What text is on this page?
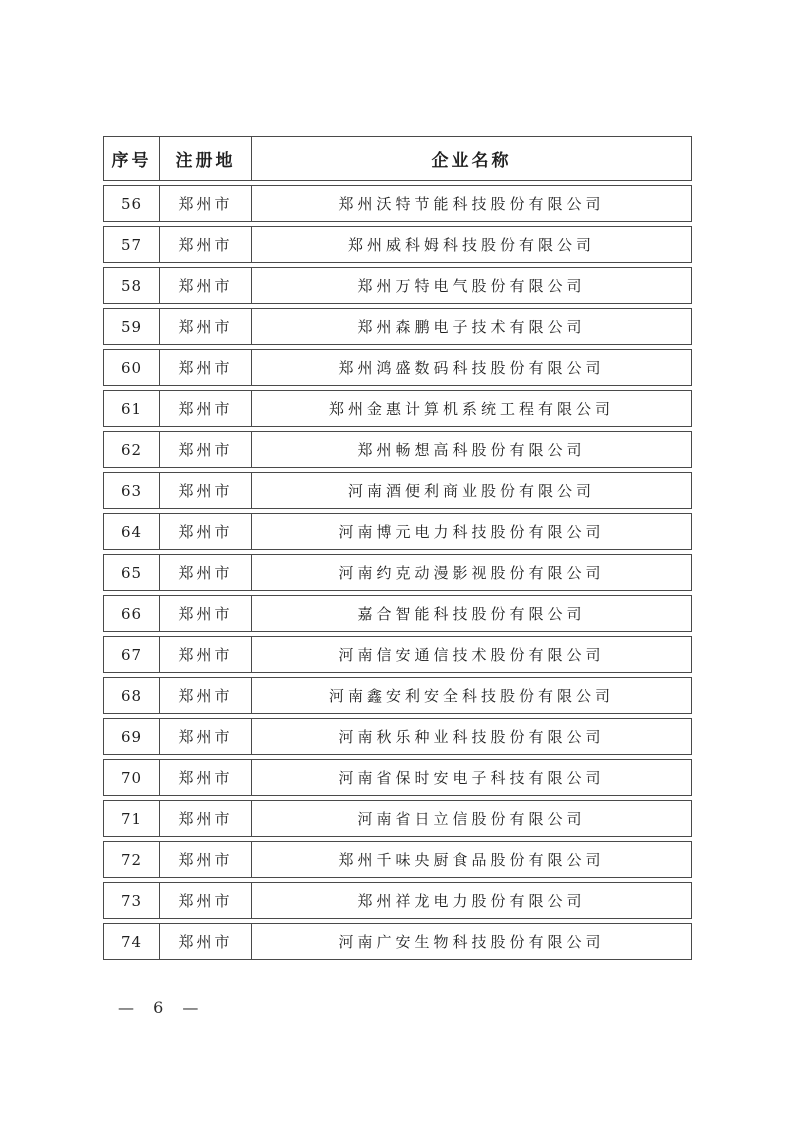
序号	注册地	企业名称
56	郑州市	郑州沃特节能科技股份有限公司
57	郑州市	郑州威科姆科技股份有限公司
58	郑州市	郑州万特电气股份有限公司
59	郑州市	郑州森鹏电子技术有限公司
60	郑州市	郑州鸿盛数码科技股份有限公司
61	郑州市	郑州金惠计算机系统工程有限公司
62	郑州市	郑州畅想高科股份有限公司
63	郑州市	河南酒便利商业股份有限公司
64	郑州市	河南博元电力科技股份有限公司
65	郑州市	河南约克动漫影视股份有限公司
66	郑州市	嘉合智能科技股份有限公司
67	郑州市	河南信安通信技术股份有限公司
68	郑州市	河南鑫安利安全科技股份有限公司
69	郑州市	河南秋乐种业科技股份有限公司
70	郑州市	河南省保时安电子科技有限公司
71	郑州市	河南省日立信股份有限公司
72	郑州市	郑州千味央厨食品股份有限公司
73	郑州市	郑州祥龙电力股份有限公司
74	郑州市	河南广安生物科技股份有限公司
— 6 —
